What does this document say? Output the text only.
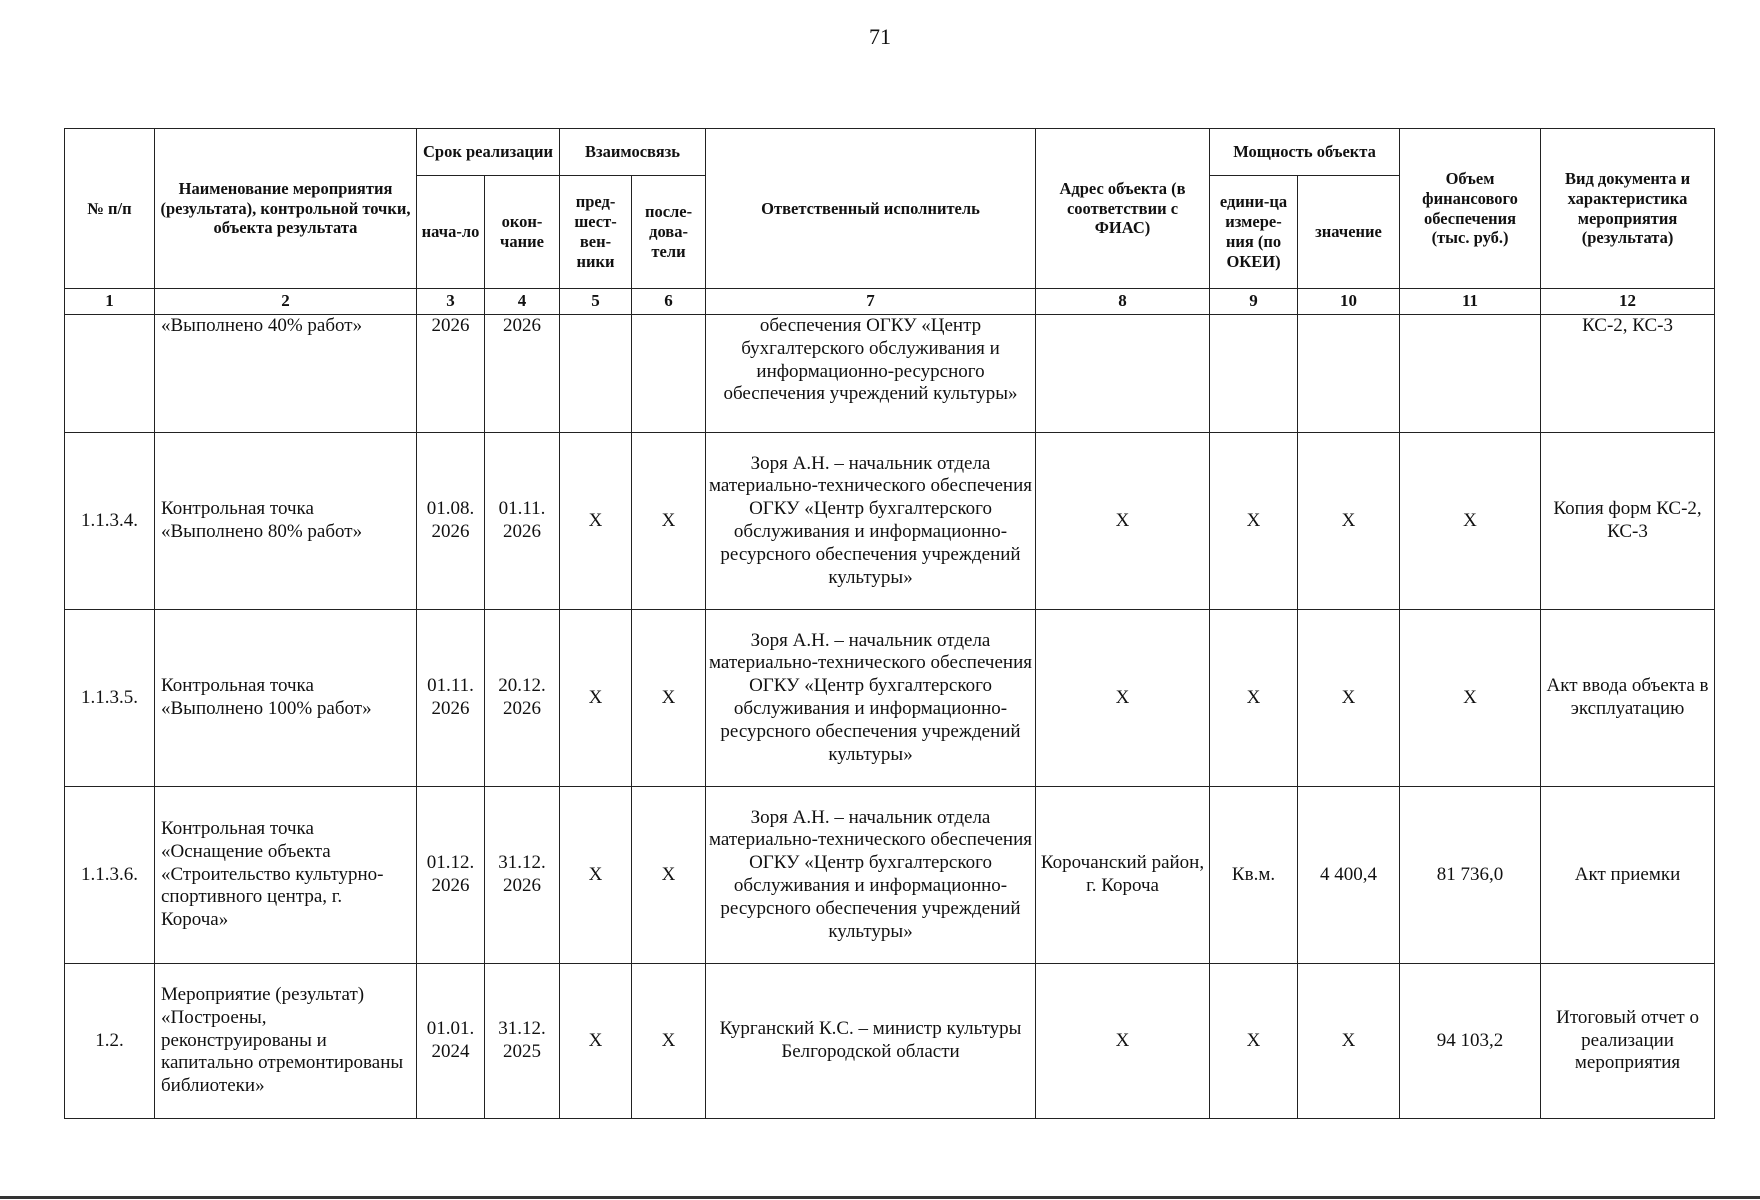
71
№ п/п	Наименование мероприятия (результата), контрольной точки, объекта результата	Срок реализации		Взаимосвязь		Ответственный исполнитель	Адрес объекта (в соответствии с ФИАС)	Мощность объекта		Объем финансового обеспечения (тыс. руб.)	Вид документа и характеристика мероприятия (результата)
		нача-ло	окон-чание	пред-шест-вен-ники	после-дова-тели			едини-ца измере-ния (по ОКЕИ)	значение		
1	2	3	4	5	6	7	8	9	10	11	12
	«Выполнено 40% работ»	2026	2026			обеспечения ОГКУ «Центр бухгалтерского обслуживания и информационно-ресурсного обеспечения учреждений культуры»					КС-2, КС-3
1.1.3.4.	Контрольная точка «Выполнено 80% работ»	01.08. 2026	01.11. 2026	X	X	Зоря А.Н. – начальник отдела материально-технического обеспечения ОГКУ «Центр бухгалтерского обслуживания и информационно-ресурсного обеспечения учреждений культуры»	X	X	X	X	Копия форм КС-2, КС-3
1.1.3.5.	Контрольная точка «Выполнено 100% работ»	01.11. 2026	20.12. 2026	X	X	Зоря А.Н. – начальник отдела материально-технического обеспечения ОГКУ «Центр бухгалтерского обслуживания и информационно-ресурсного обеспечения учреждений культуры»	X	X	X	X	Акт ввода объекта в эксплуатацию
1.1.3.6.	Контрольная точка «Оснащение объекта «Строительство культурно-спортивного центра, г. Короча»	01.12. 2026	31.12. 2026	X	X	Зоря А.Н. – начальник отдела материально-технического обеспечения ОГКУ «Центр бухгалтерского обслуживания и информационно-ресурсного обеспечения учреждений культуры»	Корочанский район, г. Короча	Кв.м.	4 400,4	81 736,0	Акт приемки
1.2.	Мероприятие (результат) «Построены, реконструированы и капитально отремонтированы библиотеки»	01.01. 2024	31.12. 2025	X	X	Курганский К.С. – министр культуры Белгородской области	X	X	X	94 103,2	Итоговый отчет о реализации мероприятия
